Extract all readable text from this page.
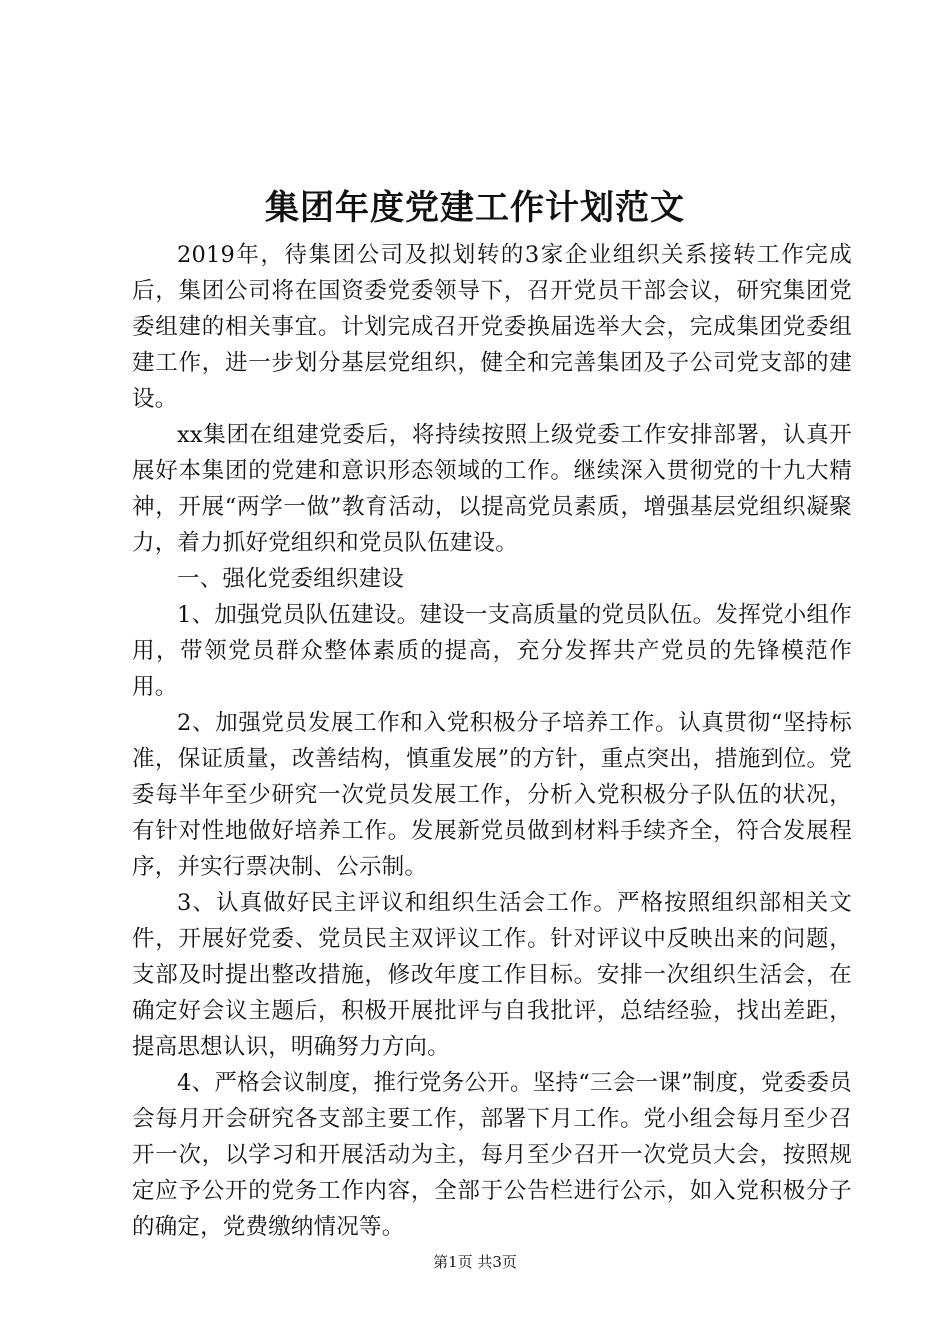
集团年度党建工作计划范文

2019年，待集团公司及拟划转的3家企业组织关系接转工作完成后，集团公司将在国资委党委领导下，召开党员干部会议，研究集团党委组建的相关事宜。计划完成召开党委换届选举大会，完成集团党委组建工作，进一步划分基层党组织，健全和完善集团及子公司党支部的建设。

xx集团在组建党委后，将持续按照上级党委工作安排部署，认真开展好本集团的党建和意识形态领域的工作。继续深入贯彻党的十九大精神，开展“两学一做”教育活动，以提高党员素质，增强基层党组织凝聚力，着力抓好党组织和党员队伍建设。

一、强化党委组织建设

1、加强党员队伍建设。建设一支高质量的党员队伍。发挥党小组作用，带领党员群众整体素质的提高，充分发挥共产党员的先锋模范作用。

2、加强党员发展工作和入党积极分子培养工作。认真贯彻“坚持标准，保证质量，改善结构，慎重发展”的方针，重点突出，措施到位。党委每半年至少研究一次党员发展工作，分析入党积极分子队伍的状况，有针对性地做好培养工作。发展新党员做到材料手续齐全，符合发展程序，并实行票决制、公示制。

3、认真做好民主评议和组织生活会工作。严格按照组织部相关文件，开展好党委、党员民主双评议工作。针对评议中反映出来的问题，支部及时提出整改措施，修改年度工作目标。安排一次组织生活会，在确定好会议主题后，积极开展批评与自我批评，总结经验，找出差距，提高思想认识，明确努力方向。

4、严格会议制度，推行党务公开。坚持“三会一课”制度，党委委员会每月开会研究各支部主要工作，部署下月工作。党小组会每月至少召开一次，以学习和开展活动为主，每月至少召开一次党员大会，按照规定应予公开的党务工作内容，全部于公告栏进行公示，如入党积极分子的确定，党费缴纳情况等。

第1页 共3页
